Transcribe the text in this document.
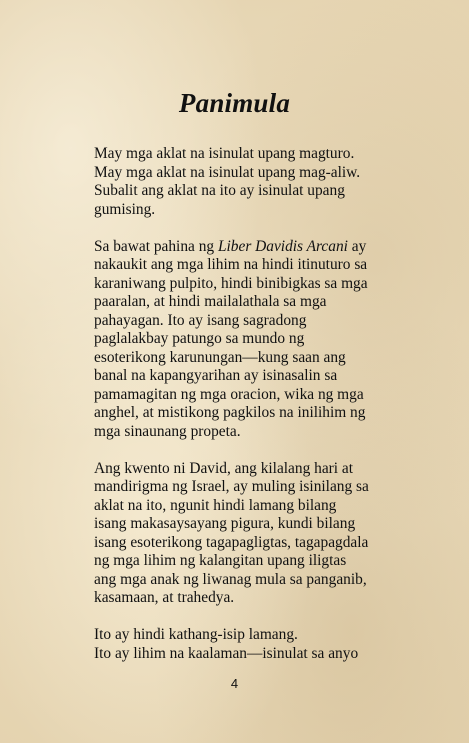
Panimula
May mga aklat na isinulat upang magturo.
May mga aklat na isinulat upang mag-aliw.
Subalit ang aklat na ito ay isinulat upang
gumising.
Sa bawat pahina ng Liber Davidis Arcani ay
nakaukit ang mga lihim na hindi itinuturo sa
karaniwang pulpito, hindi binibigkas sa mga
paaralan, at hindi mailalathala sa mga
pahayagan. Ito ay isang sagradong
paglalakbay patungo sa mundo ng
esoterikong karunungan—kung saan ang
banal na kapangyarihan ay isinasalin sa
pamamagitan ng mga oracion, wika ng mga
anghel, at mistikong pagkilos na inilihim ng
mga sinaunang propeta.
Ang kwento ni David, ang kilalang hari at
mandirigma ng Israel, ay muling isinilang sa
aklat na ito, ngunit hindi lamang bilang
isang makasaysayang pigura, kundi bilang
isang esoterikong tagapagligtas, tagapagdala
ng mga lihim ng kalangitan upang iligtas
ang mga anak ng liwanag mula sa panganib,
kasamaan, at trahedya.
Ito ay hindi kathang-isip lamang.
Ito ay lihim na kaalaman—isinulat sa anyo
4
